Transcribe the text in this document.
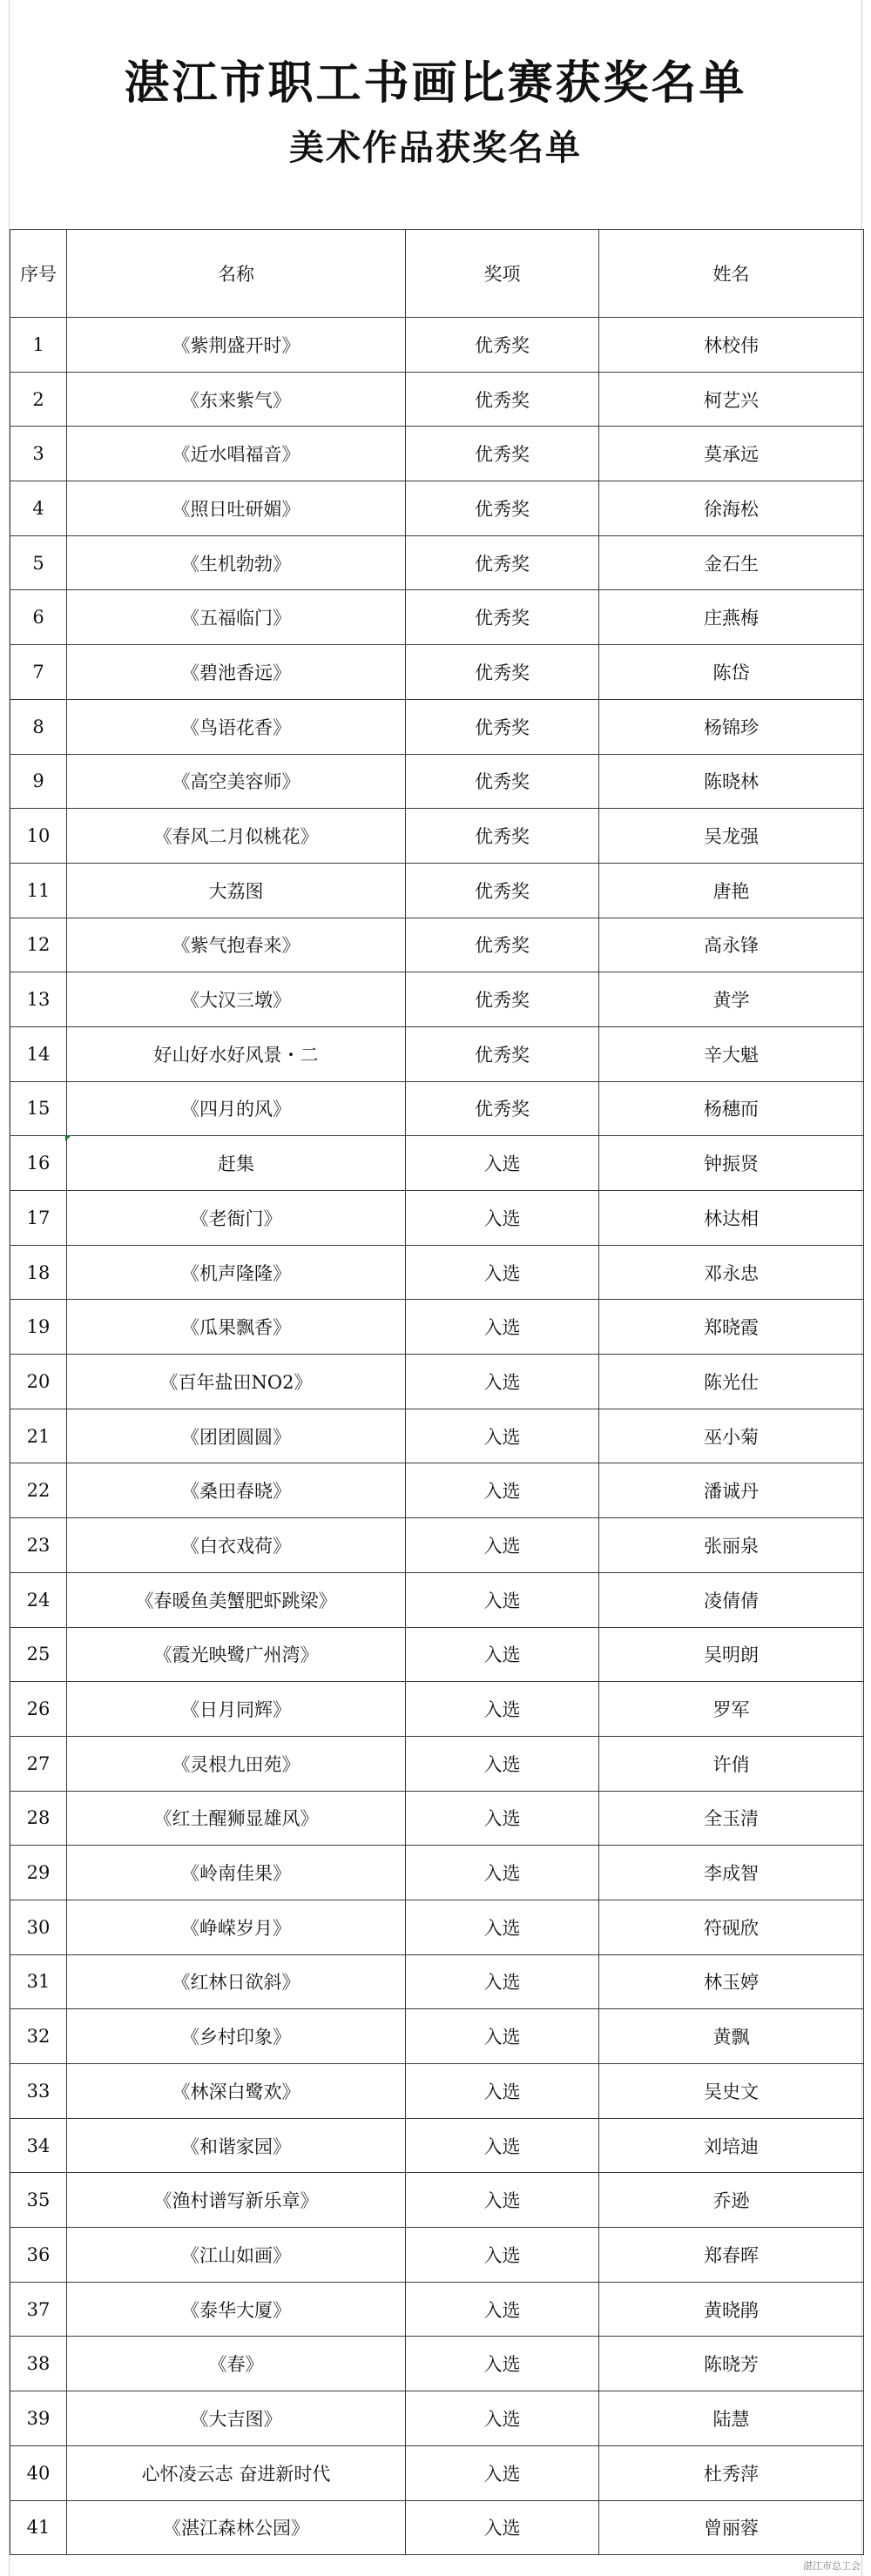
湛江市职工书画比赛获奖名单
美术作品获奖名单
序号	名称	奖项	姓名
1	《紫荆盛开时》	优秀奖	林校伟
2	《东来紫气》	优秀奖	柯艺兴
3	《近水唱福音》	优秀奖	莫承远
4	《照日吐研媚》	优秀奖	徐海松
5	《生机勃勃》	优秀奖	金石生
6	《五福临门》	优秀奖	庄燕梅
7	《碧池香远》	优秀奖	陈岱
8	《鸟语花香》	优秀奖	杨锦珍
9	《高空美容师》	优秀奖	陈晓林
10	《春风二月似桃花》	优秀奖	吴龙强
11	大荔图	优秀奖	唐艳
12	《紫气抱春来》	优秀奖	高永锋
13	《大汉三墩》	优秀奖	黄学
14	好山好水好风景・二	优秀奖	辛大魁
15	《四月的风》	优秀奖	杨穗而
16	赶集	入选	钟振贤
17	《老衙门》	入选	林达相
18	《机声隆隆》	入选	邓永忠
19	《瓜果飘香》	入选	郑晓霞
20	《百年盐田NO2》	入选	陈光仕
21	《团团圆圆》	入选	巫小菊
22	《桑田春晓》	入选	潘诚丹
23	《白衣戏荷》	入选	张丽泉
24	《春暖鱼美蟹肥虾跳梁》	入选	凌倩倩
25	《霞光映鹭广州湾》	入选	吴明朗
26	《日月同辉》	入选	罗军
27	《灵根九田苑》	入选	许俏
28	《红土醒狮显雄风》	入选	全玉清
29	《岭南佳果》	入选	李成智
30	《峥嵘岁月》	入选	符砚欣
31	《红林日欲斜》	入选	林玉婷
32	《乡村印象》	入选	黄飘
33	《林深白鹭欢》	入选	吴史文
34	《和谐家园》	入选	刘培迪
35	《渔村谱写新乐章》	入选	乔逊
36	《江山如画》	入选	郑春晖
37	《泰华大厦》	入选	黄晓鹃
38	《春》	入选	陈晓芳
39	《大吉图》	入选	陆慧
40	心怀凌云志 奋进新时代	入选	杜秀萍
41	《湛江森林公园》	入选	曾丽蓉
湛江市总工会
